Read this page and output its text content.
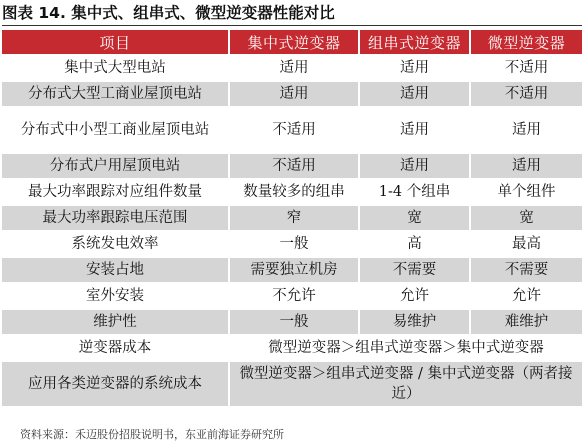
图表 14. 集中式、组串式、微型逆变器性能对比
项目	集中式逆变器	组串式逆变器	微型逆变器
集中式大型电站	适用	适用	不适用
分布式大型工商业屋顶电站	适用	适用	不适用
分布式中小型工商业屋顶电站	不适用	适用	适用
分布式户用屋顶电站	不适用	适用	适用
最大功率跟踪对应组件数量	数量较多的组串	1-4 个组串	单个组件
最大功率跟踪电压范围	窄	宽	宽
系统发电效率	一般	高	最高
安装占地	需要独立机房	不需要	不需要
室外安装	不允许	允许	允许
维护性	一般	易维护	难维护
逆变器成本	微型逆变器＞组串式逆变器＞集中式逆变器		
应用各类逆变器的系统成本	微型逆变器＞组串式逆变器 / 集中式逆变器（两者接近）		
资料来源：禾迈股份招股说明书，东亚前海证券研究所
